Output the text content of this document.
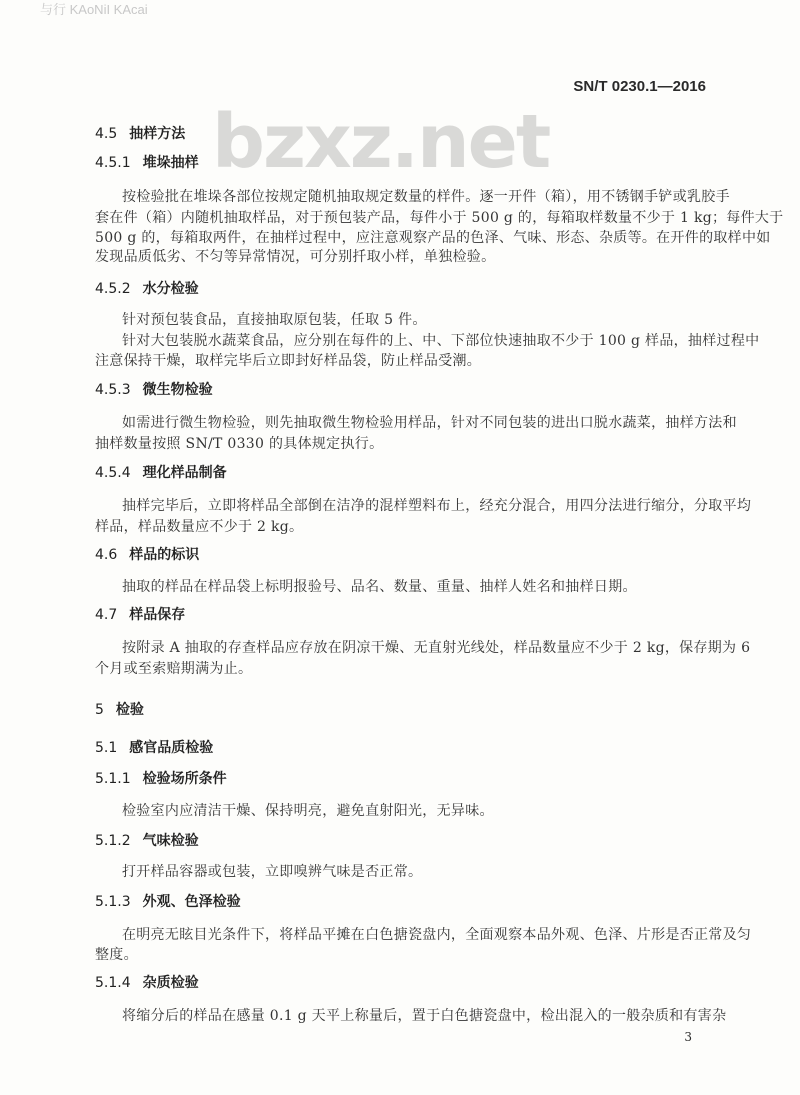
与行 KAoNiI KAcai
bzxz.net
SN/T 0230.1—2016
4.5 抽样方法
4.5.1 堆垛抽样
按检验批在堆垛各部位按规定随机抽取规定数量的样件。逐一开件（箱），用不锈钢手铲或乳胶手
套在件（箱）内随机抽取样品，对于预包装产品，每件小于 500 g 的，每箱取样数量不少于 1 kg；每件大于
500 g 的，每箱取两件，在抽样过程中，应注意观察产品的色泽、气味、形态、杂质等。在开件的取样中如
发现品质低劣、不匀等异常情况，可分别扦取小样，单独检验。
4.5.2 水分检验
针对预包装食品，直接抽取原包装，任取 5 件。
针对大包装脱水蔬菜食品，应分别在每件的上、中、下部位快速抽取不少于 100 g 样品，抽样过程中
注意保持干燥，取样完毕后立即封好样品袋，防止样品受潮。
4.5.3 微生物检验
如需进行微生物检验，则先抽取微生物检验用样品，针对不同包装的进出口脱水蔬菜，抽样方法和
抽样数量按照 SN/T 0330 的具体规定执行。
4.5.4 理化样品制备
抽样完毕后，立即将样品全部倒在洁净的混样塑料布上，经充分混合，用四分法进行缩分，分取平均
样品，样品数量应不少于 2 kg。
4.6 样品的标识
抽取的样品在样品袋上标明报验号、品名、数量、重量、抽样人姓名和抽样日期。
4.7 样品保存
按附录 A 抽取的存查样品应存放在阴凉干燥、无直射光线处，样品数量应不少于 2 kg，保存期为 6
个月或至索赔期满为止。
5 检验
5.1 感官品质检验
5.1.1 检验场所条件
检验室内应清洁干燥、保持明亮，避免直射阳光，无异味。
5.1.2 气味检验
打开样品容器或包装，立即嗅辨气味是否正常。
5.1.3 外观、色泽检验
在明亮无眩目光条件下，将样品平摊在白色搪瓷盘内，全面观察本品外观、色泽、片形是否正常及匀
整度。
5.1.4 杂质检验
将缩分后的样品在感量 0.1 g 天平上称量后，置于白色搪瓷盘中，检出混入的一般杂质和有害杂
3
